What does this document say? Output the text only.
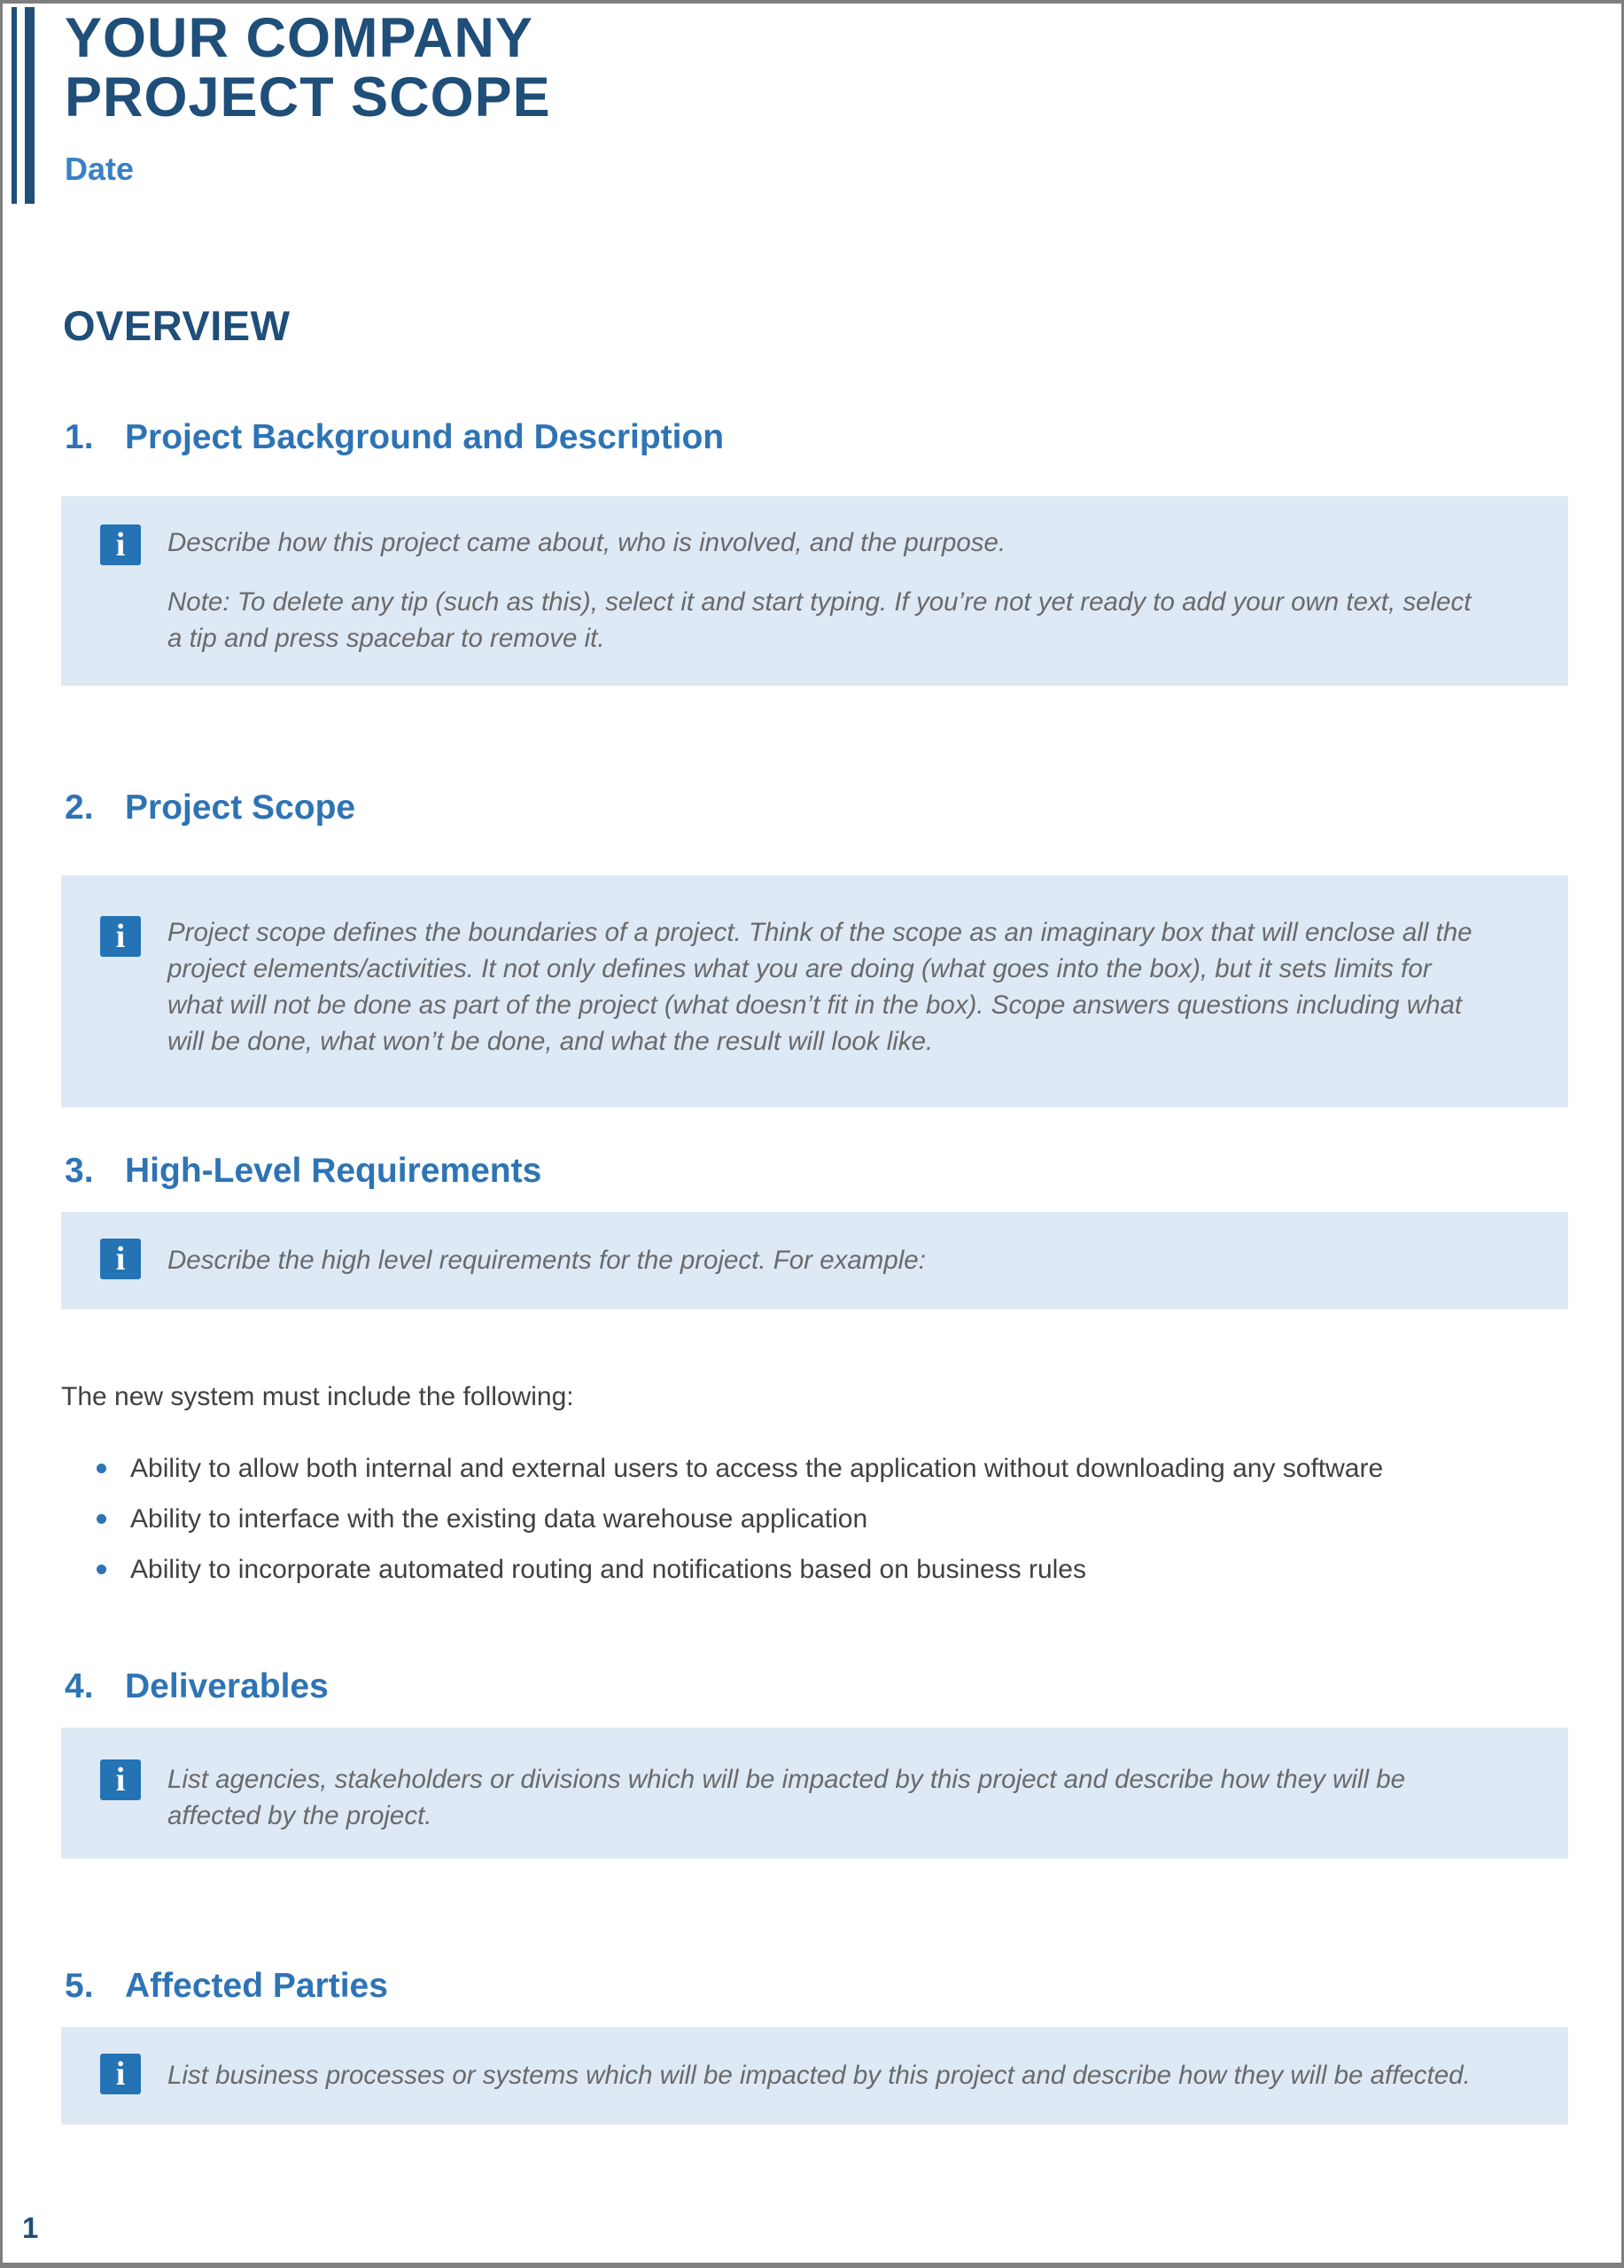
YOUR COMPANY
PROJECT SCOPE
Date
OVERVIEW
1. Project Background and Description
i	Describe how this project came about, who is involved, and the purpose.

Note: To delete any tip (such as this), select it and start typing. If you’re not yet ready to add your own text, select a tip and press spacebar to remove it.

2. Project Scope
i	Project scope defines the boundaries of a project. Think of the scope as an imaginary box that will enclose all the project elements/activities. It not only defines what you are doing (what goes into the box), but it sets limits for what will not be done as part of the project (what doesn’t fit in the box). Scope answers questions including what will be done, what won’t be done, and what the result will look like.

3. High-Level Requirements
i	Describe the high level requirements for the project. For example:

The new system must include the following:
Ability to allow both internal and external users to access the application without downloading any software
Ability to interface with the existing data warehouse application
Ability to incorporate automated routing and notifications based on business rules
4. Deliverables
i	List agencies, stakeholders or divisions which will be impacted by this project and describe how they will be affected by the project.

5. Affected Parties
i	List business processes or systems which will be impacted by this project and describe how they will be affected.

1
